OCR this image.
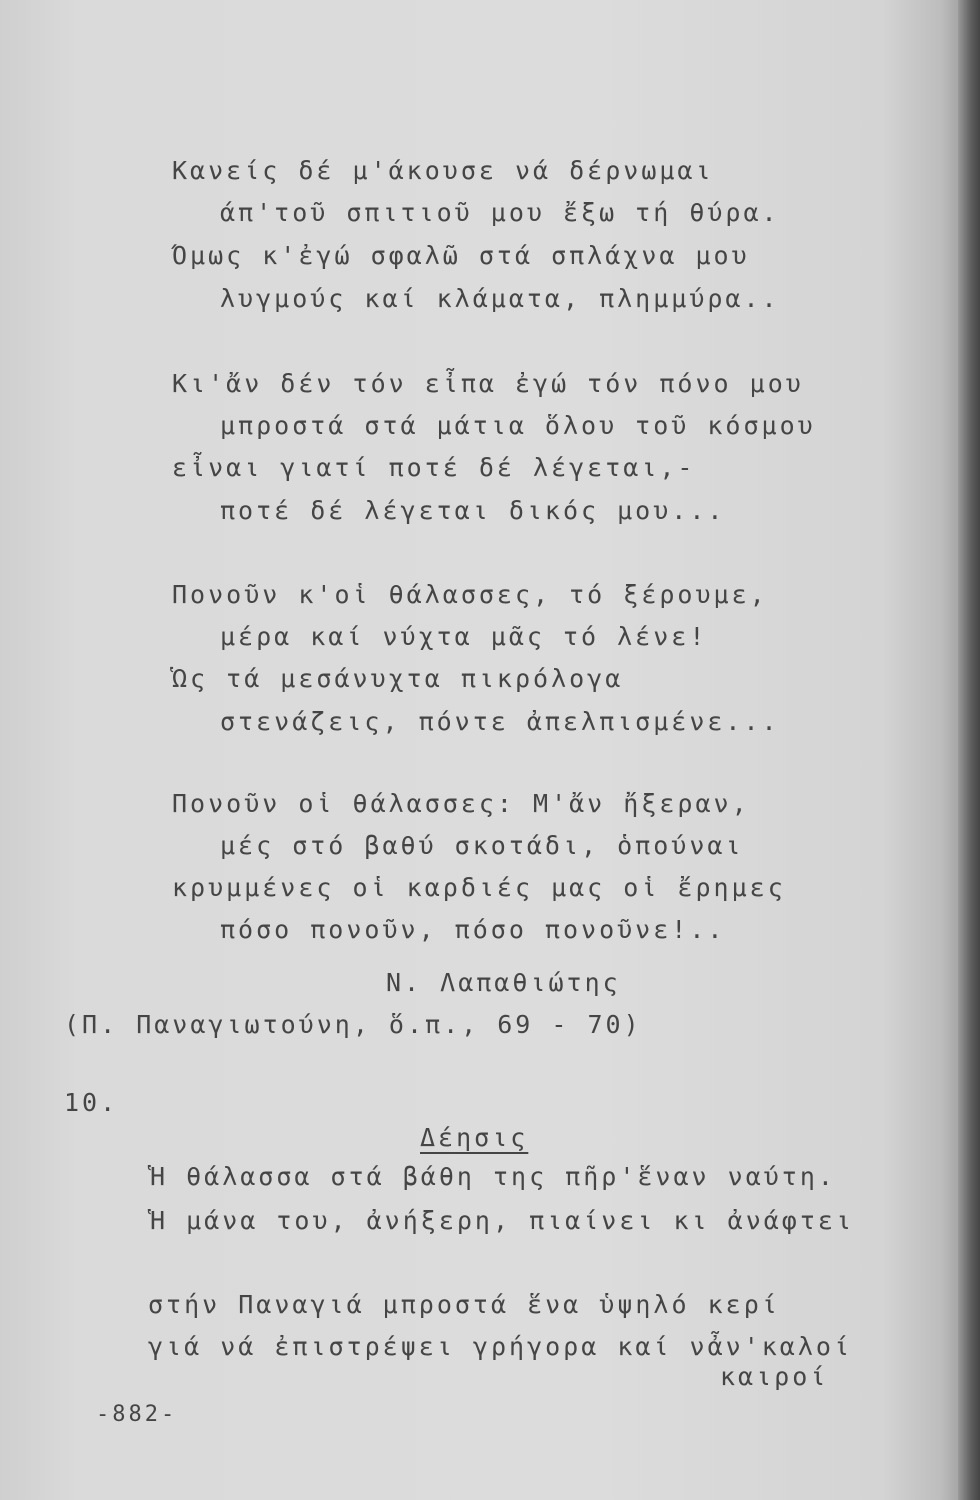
Κανείς δέ μ'άκουσε νά δέρνωμαι
άπ'τοῦ σπιτιοῦ μου ἔξω τή θύρα.
Όμως κ'ἐγώ σφαλῶ στά σπλάχνα μου
λυγμούς καί κλάματα, πλημμύρα..
Κι'ἄν δέν τόν εἶπα ἐγώ τόν πόνο μου
μπροστά στά μάτια ὅλου τοῦ κόσμου
εἶναι γιατί ποτέ δέ λέγεται,-
ποτέ δέ λέγεται δικός μου...
Πονοῦν κ'οἱ θάλασσες, τό ξέρουμε,
μέρα καί νύχτα μᾶς τό λένε!
Ὡς τά μεσάνυχτα πικρόλογα
στενάζεις, πόντε ἀπελπισμένε...
Πονοῦν οἱ θάλασσες: Μ'ἄν ἤξεραν,
μές στό βαθύ σκοτάδι, ὁπούναι
κρυμμένες οἱ καρδιές μας οἱ ἔρημες
πόσο πονοῦν, πόσο πονοῦνε!..
Ν. Λαπαθιώτης
(Π. Παναγιωτούνη, ὅ.π., 69 - 70)
10.
Δέησις
Ἡ θάλασσα στά βάθη της πῆρ'ἕναν ναύτη.
Ἡ μάνα του, ἀνήξερη, πιαίνει κι ἀνάφτει
στήν Παναγιά μπροστά ἕνα ὑψηλό κερί
γιά νά ἐπιστρέψει γρήγορα καί νἆν'καλοί
καιροί
-882-
